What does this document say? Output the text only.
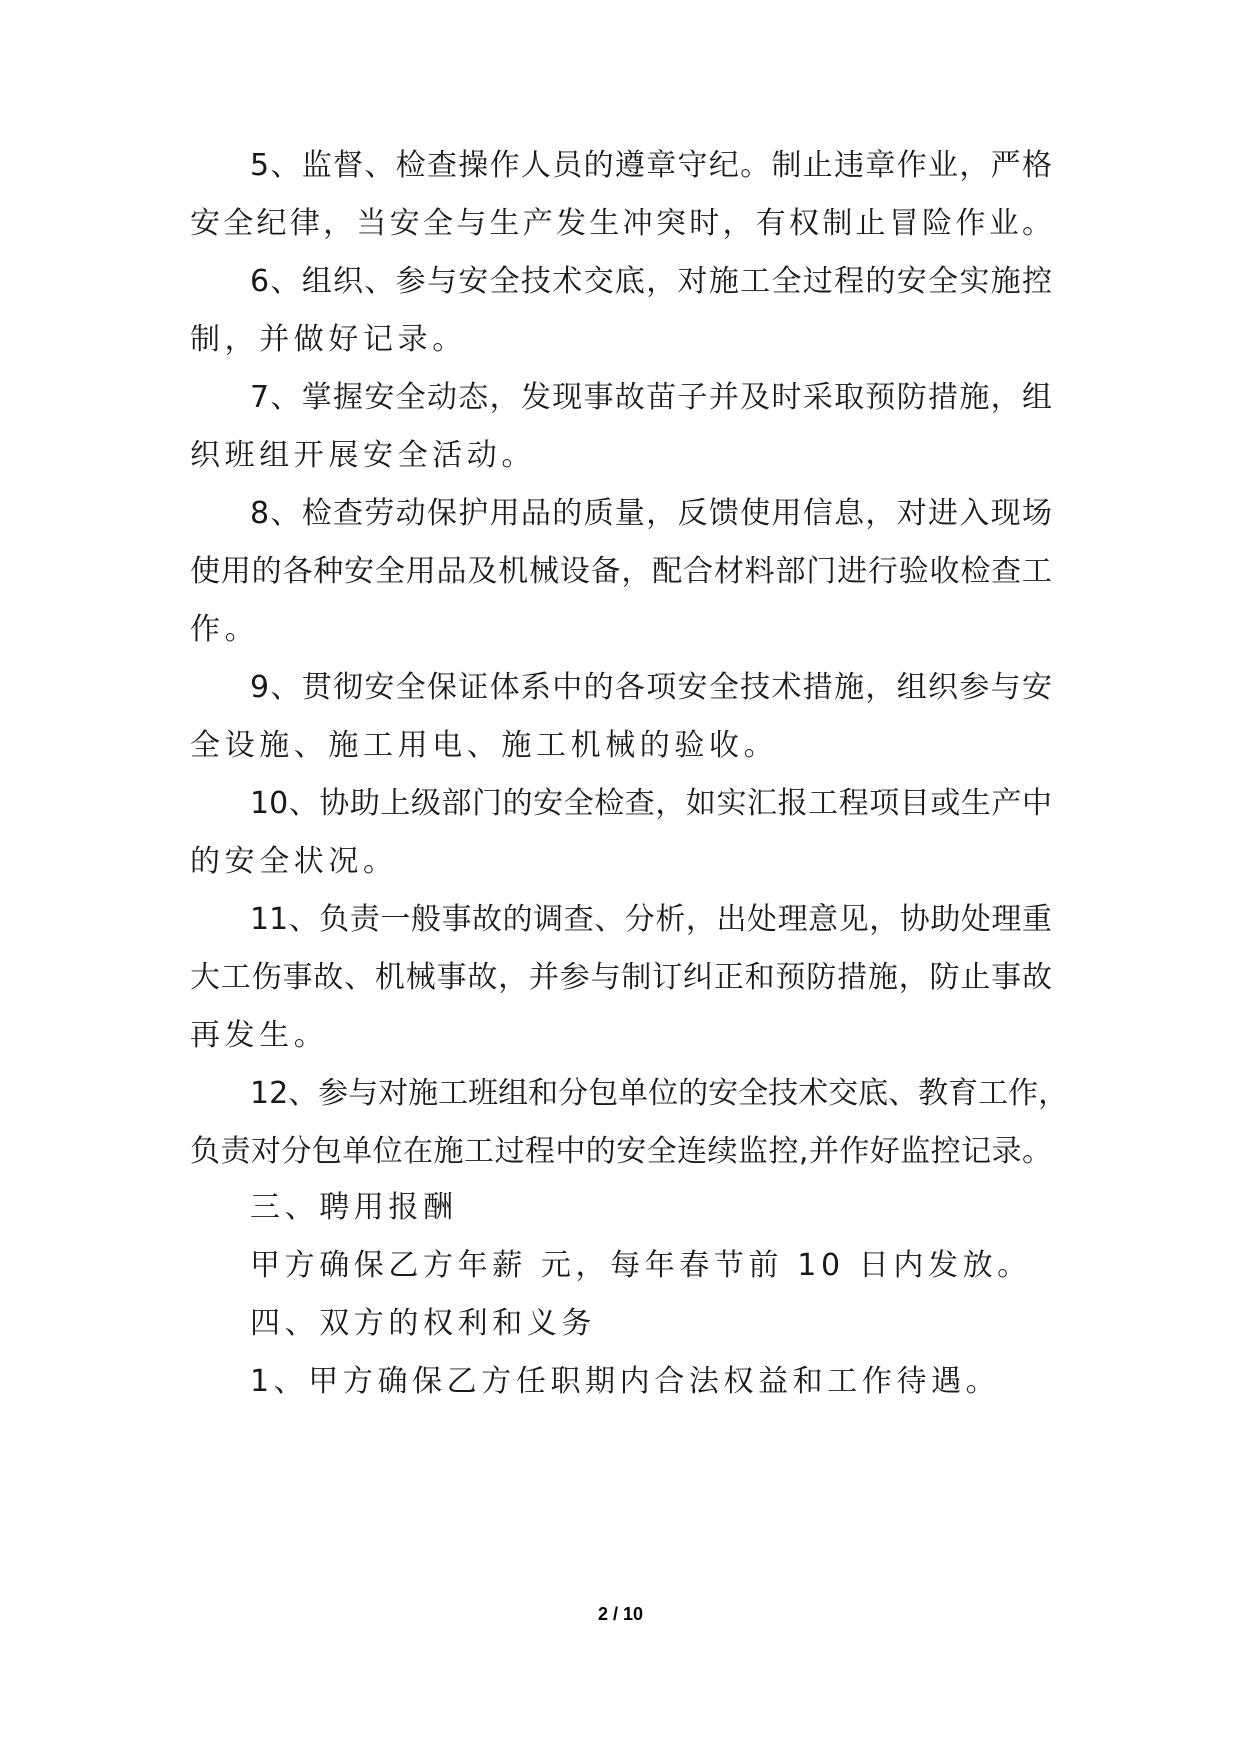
5、监督、检查操作人员的遵章守纪。制止违章作业，严格
安全纪律，当安全与生产发生冲突时，有权制止冒险作业。
6、组织、参与安全技术交底，对施工全过程的安全实施控
制，并做好记录。
7、掌握安全动态，发现事故苗子并及时采取预防措施，组
织班组开展安全活动。
8、检查劳动保护用品的质量，反馈使用信息，对进入现场
使用的各种安全用品及机械设备，配合材料部门进行验收检查工
作。
9、贯彻安全保证体系中的各项安全技术措施，组织参与安
全设施、施工用电、施工机械的验收。
10、协助上级部门的安全检查，如实汇报工程项目或生产中
的安全状况。
11、负责一般事故的调查、分析，出处理意见，协助处理重
大工伤事故、机械事故，并参与制订纠正和预防措施，防止事故
再发生。
12、参与对施工班组和分包单位的安全技术交底、教育工作，
负责对分包单位在施工过程中的安全连续监控,并作好监控记录。
三、聘用报酬
甲方确保乙方年薪 元，每年春节前 10 日内发放。
四、双方的权利和义务
1、甲方确保乙方任职期内合法权益和工作待遇。
2 / 10
